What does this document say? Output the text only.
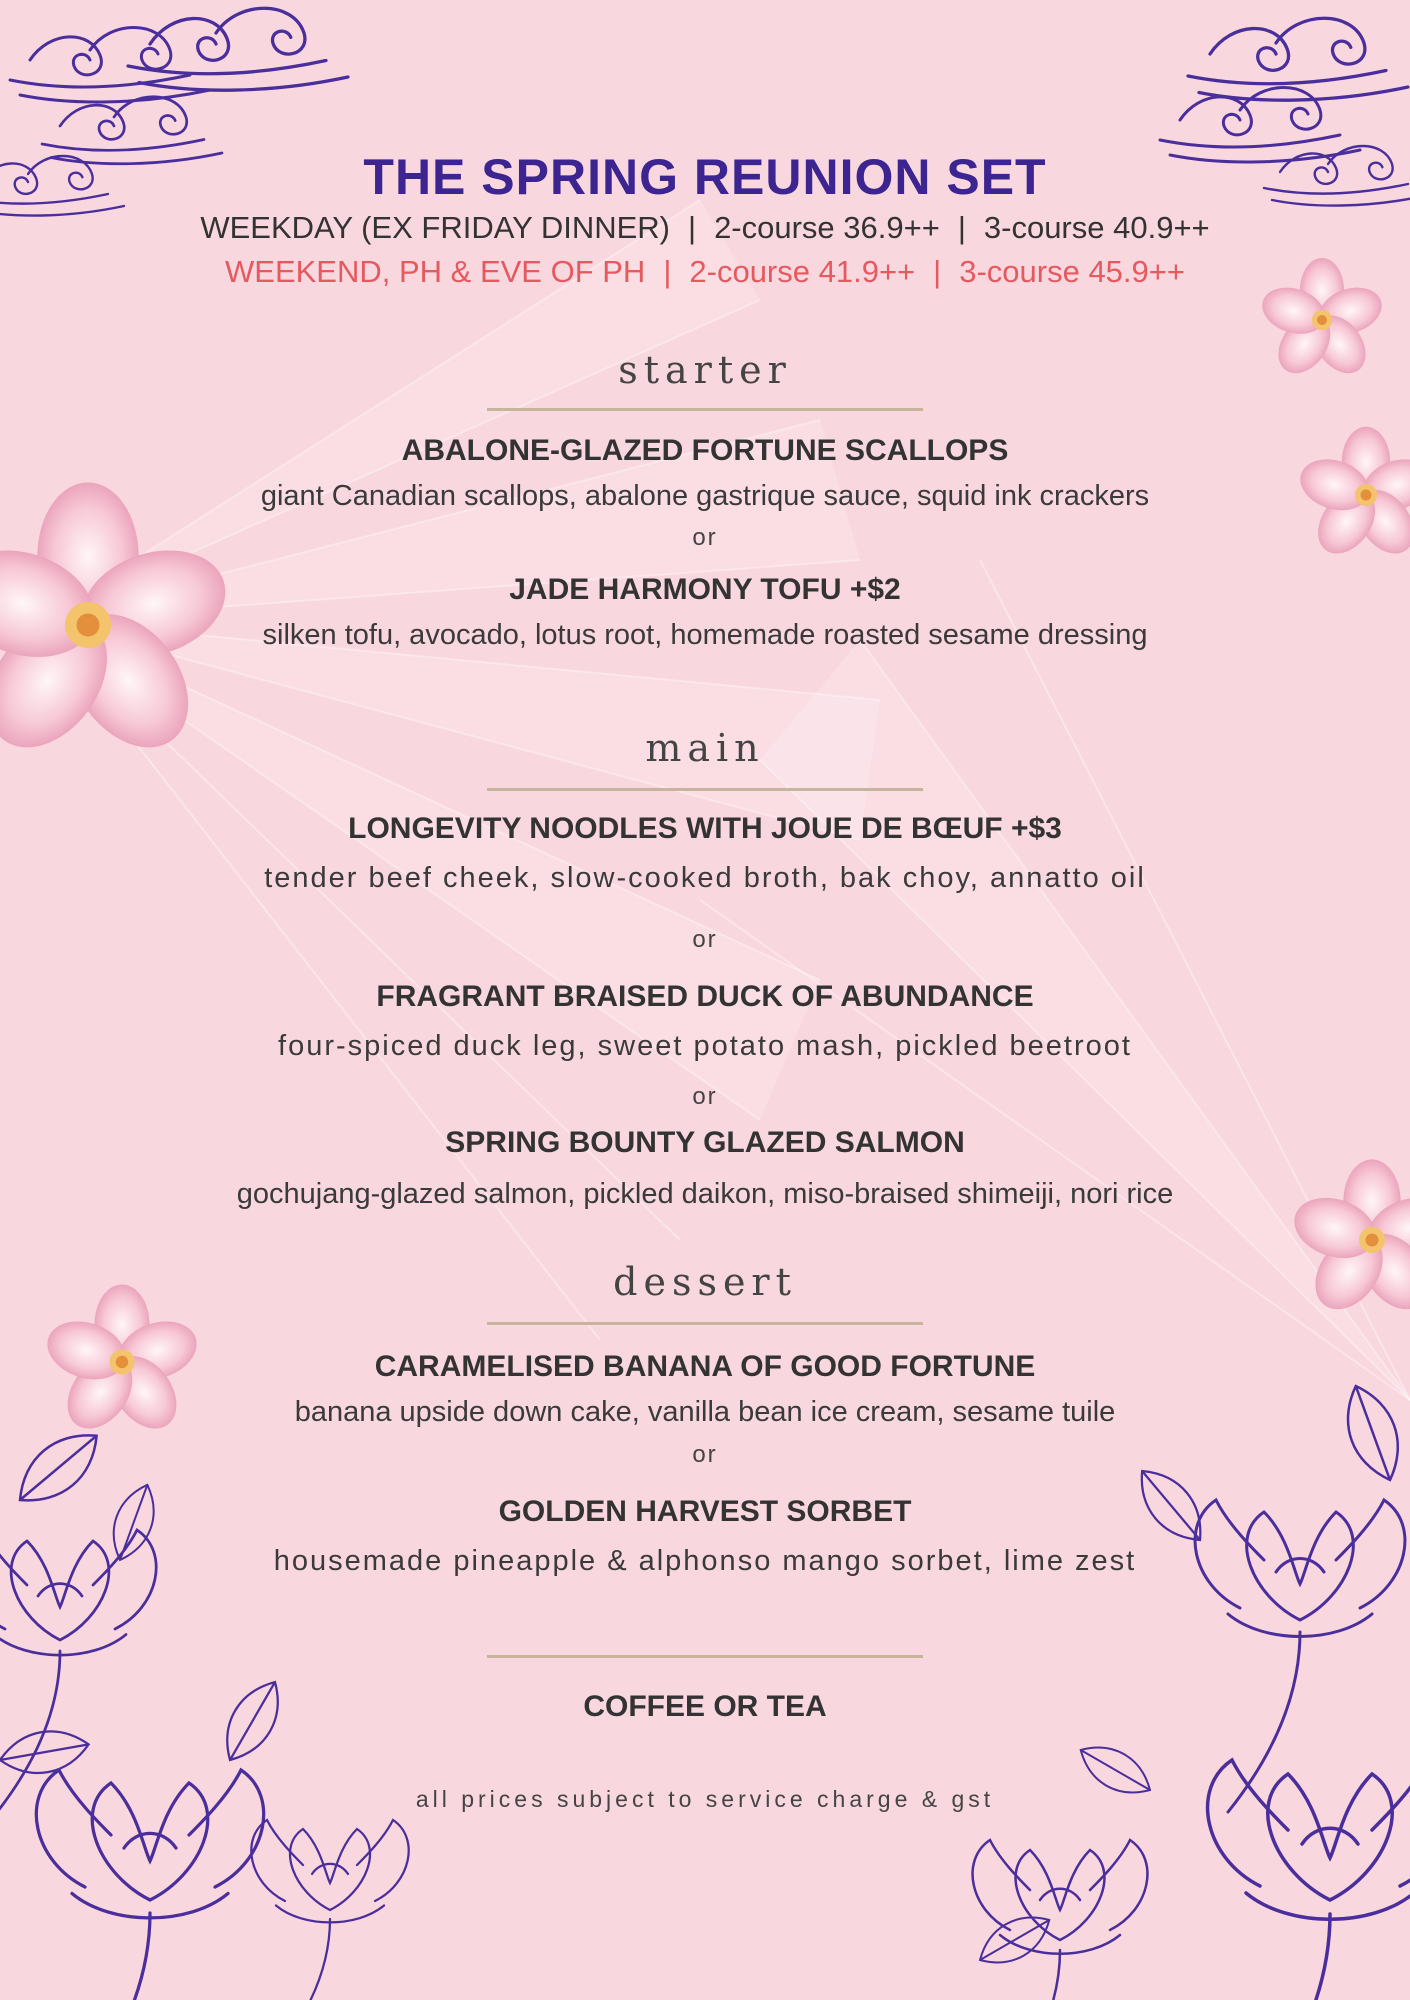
THE SPRING REUNION SET
WEEKDAY (EX FRIDAY DINNER) | 2-course 36.9++ | 3-course 40.9++
WEEKEND, PH & EVE OF PH | 2-course 41.9++ | 3-course 45.9++
starter
ABALONE-GLAZED FORTUNE SCALLOPS
giant Canadian scallops, abalone gastrique sauce, squid ink crackers
or
JADE HARMONY TOFU +$2
silken tofu, avocado, lotus root, homemade roasted sesame dressing
main
LONGEVITY NOODLES WITH JOUE DE BŒUF +$3
tender beef cheek, slow-cooked broth, bak choy, annatto oil
or
FRAGRANT BRAISED DUCK OF ABUNDANCE
four-spiced duck leg, sweet potato mash, pickled beetroot
or
SPRING BOUNTY GLAZED SALMON
gochujang-glazed salmon, pickled daikon, miso-braised shimeiji, nori rice
dessert
CARAMELISED BANANA OF GOOD FORTUNE
banana upside down cake, vanilla bean ice cream, sesame tuile
or
GOLDEN HARVEST SORBET
housemade pineapple & alphonso mango sorbet, lime zest
COFFEE OR TEA
all prices subject to service charge & gst
